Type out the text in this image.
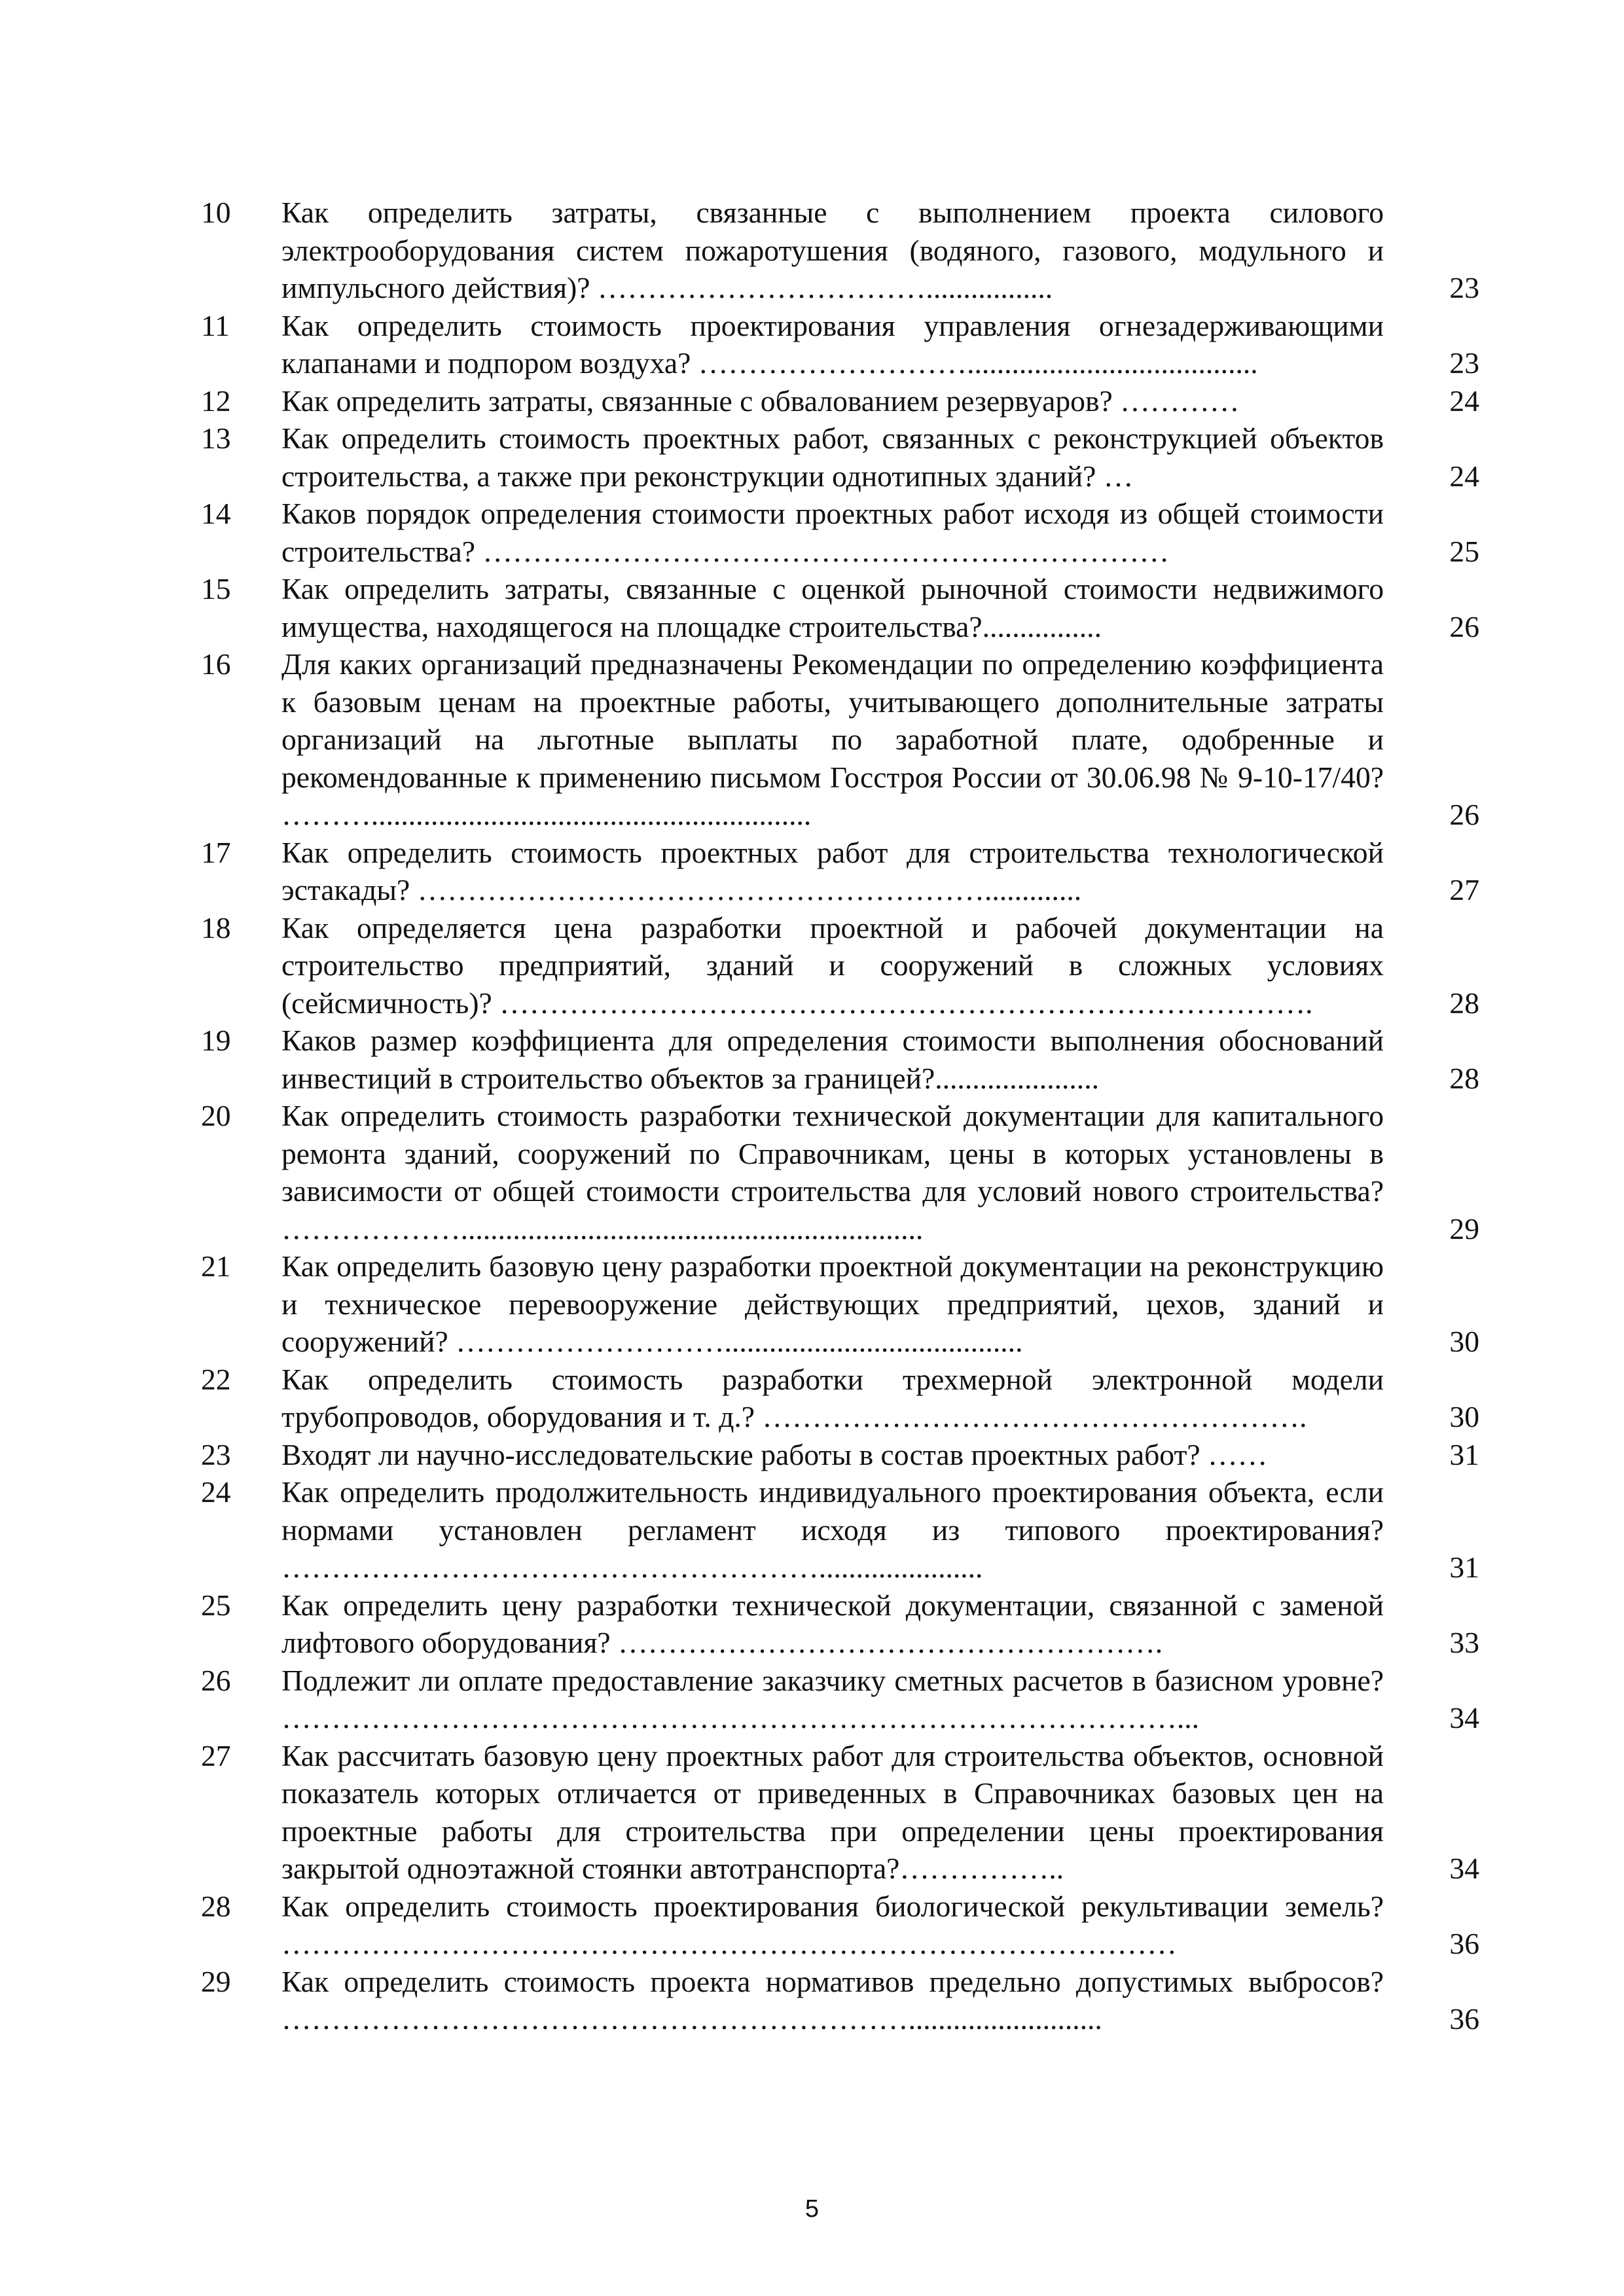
10	Как определить затраты, связанные с выполнением проекта силового электрооборудования систем пожаротушения (водяного, газового, модульного и импульсного действия)? …………………………….................	23
11	Как определить стоимость проектирования управления огнезадерживающими клапанами и подпором воздуха? ……………………….......................................	23
12	Как определить затраты, связанные с обвалованием резервуаров? …………	24
13	Как определить стоимость проектных работ, связанных с реконструкцией объектов строительства, а также при реконструкции однотипных зданий? …	24
14	Каков порядок определения стоимости проектных работ исходя из общей стоимости строительства? ……………………………………………………………	25
15	Как определить затраты, связанные с оценкой рыночной стоимости недвижимого имущества, находящегося на площадке строительства?................	26
16	Для каких организаций предназначены Рекомендации по определению коэффициента к базовым ценам на проектные работы, учитывающего дополнительные затраты организаций на льготные выплаты по заработной плате, одобренные и рекомендованные к применению письмом Госстроя России от 30.06.98 № 9-10-17/40? ………...........................................................	26
17	Как определить стоимость проектных работ для строительства технологической эстакады? ………………………………………………….............	27
18	Как определяется цена разработки проектной и рабочей документации на строительство предприятий, зданий и сооружений в сложных условиях (сейсмичность)? ……………………………………………………………………….	28
19	Каков размер коэффициента для определения стоимости выполнения обоснований инвестиций в строительство объектов за границей?......................	28
20	Как определить стоимость разработки технической документации для капитального ремонта зданий, сооружений по Справочникам, цены в которых установлены в зависимости от общей стоимости строительства для условий нового строительства? ………………..............................................................	29
21	Как определить базовую цену разработки проектной документации на реконструкцию и техническое перевооружение действующих предприятий, цехов, зданий и сооружений? ………………………........................................	30
22	Как определить стоимость разработки трехмерной электронной модели трубопроводов, оборудования и т. д.? ……………………………………………….	30
23	Входят ли научно-исследовательские работы в состав проектных работ? ……	31
24	Как определить продолжительность индивидуального проектирования объекта, если нормами установлен регламент исходя из типового проектирования? ………………………………………………......................	31
25	Как определить цену разработки технической документации, связанной с заменой лифтового оборудования? ……………………………………………….	33
26	Подлежит ли оплате предоставление заказчику сметных расчетов в базисном уровне? ………………………………………………………………………………...	34
27	Как рассчитать базовую цену проектных работ для строительства объектов, основной показатель которых отличается от приведенных в Справочниках базовых цен на проектные работы для строительства при определении цены проектирования закрытой одноэтажной стоянки автотранспорта?……………..	34
28	Как определить стоимость проектирования биологической рекультивации земель? ………………………………………………………………………………	36
29	Как определить стоимость проекта нормативов предельно допустимых выбросов? ………………………………………………………..........................	36
5
